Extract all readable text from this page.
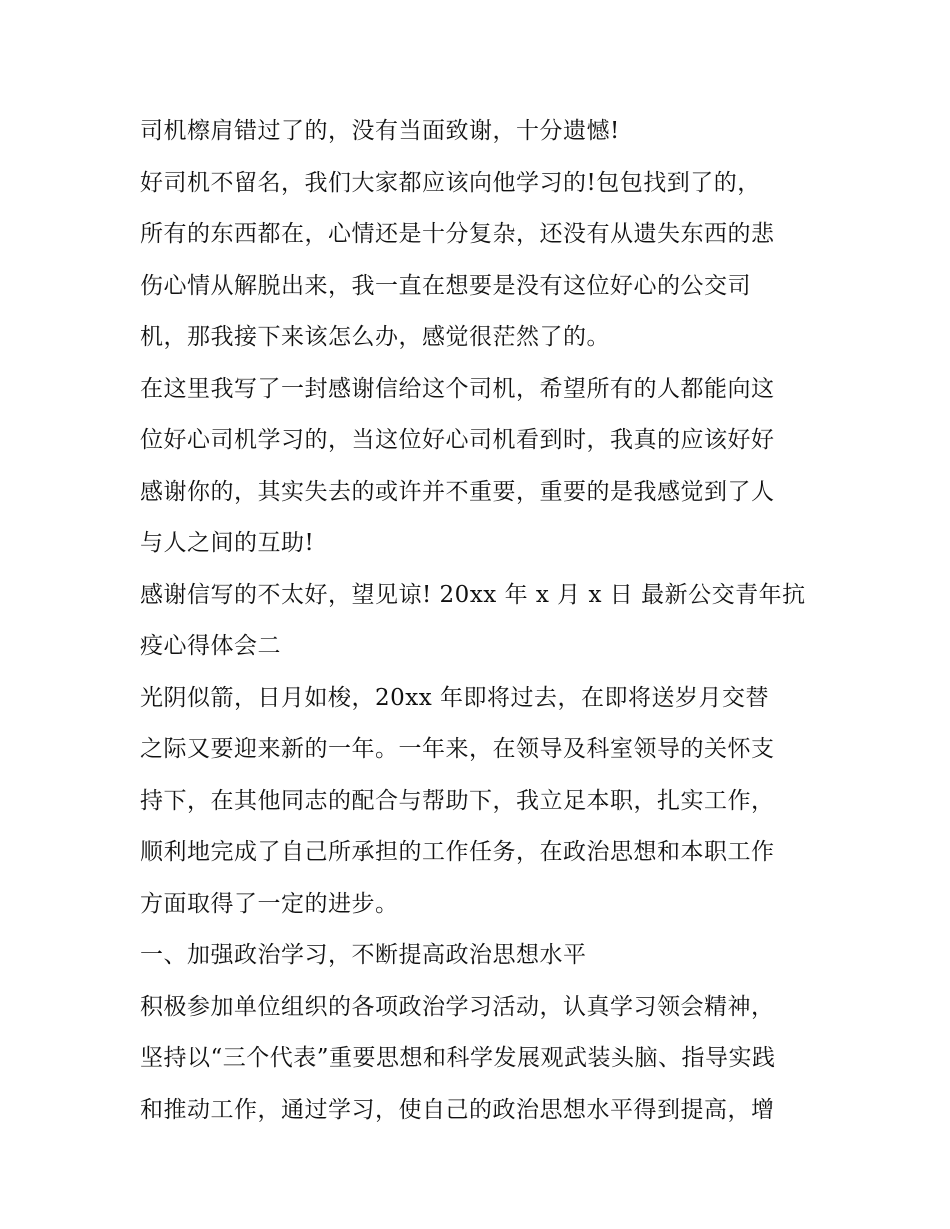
司机檫肩错过了的，没有当面致谢，十分遗憾!
好司机不留名，我们大家都应该向他学习的!包包找到了的，
所有的东西都在，心情还是十分复杂，还没有从遗失东西的悲
伤心情从解脱出来，我一直在想要是没有这位好心的公交司
机，那我接下来该怎么办，感觉很茫然了的。
在这里我写了一封感谢信给这个司机，希望所有的人都能向这
位好心司机学习的，当这位好心司机看到时，我真的应该好好
感谢你的，其实失去的或许并不重要，重要的是我感觉到了人
与人之间的互助!
感谢信写的不太好，望见谅! 20xx 年 x 月 x 日 最新公交青年抗
疫心得体会二
光阴似箭，日月如梭，20xx 年即将过去，在即将送岁月交替
之际又要迎来新的一年。一年来，在领导及科室领导的关怀支
持下，在其他同志的配合与帮助下，我立足本职，扎实工作，
顺利地完成了自己所承担的工作任务，在政治思想和本职工作
方面取得了一定的进步。
一、加强政治学习，不断提高政治思想水平
积极参加单位组织的各项政治学习活动，认真学习领会精神，
坚持以“三个代表”重要思想和科学发展观武装头脑、指导实践
和推动工作，通过学习，使自己的政治思想水平得到提高，增
